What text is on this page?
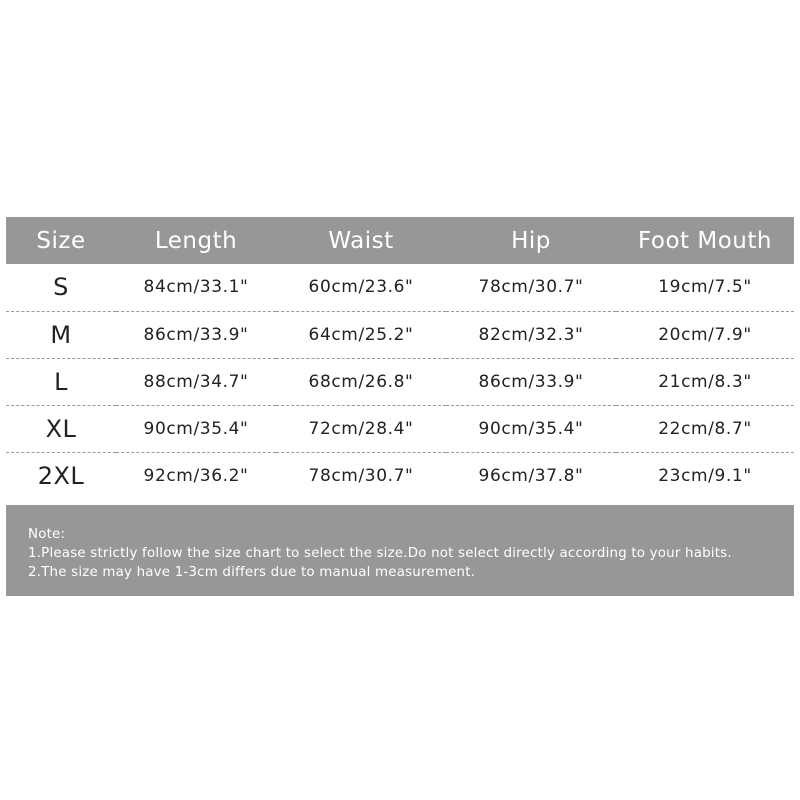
Size	Length	Waist	Hip	Foot Mouth
S	84cm/33.1"	60cm/23.6"	78cm/30.7"	19cm/7.5"
M	86cm/33.9"	64cm/25.2"	82cm/32.3"	20cm/7.9"
L	88cm/34.7"	68cm/26.8"	86cm/33.9"	21cm/8.3"
XL	90cm/35.4"	72cm/28.4"	90cm/35.4"	22cm/8.7"
2XL	92cm/36.2"	78cm/30.7"	96cm/37.8"	23cm/9.1"
Note:
1.Please strictly follow the size chart to select the size.Do not select directly according to your habits.
2.The size may have 1-3cm differs due to manual measurement.
